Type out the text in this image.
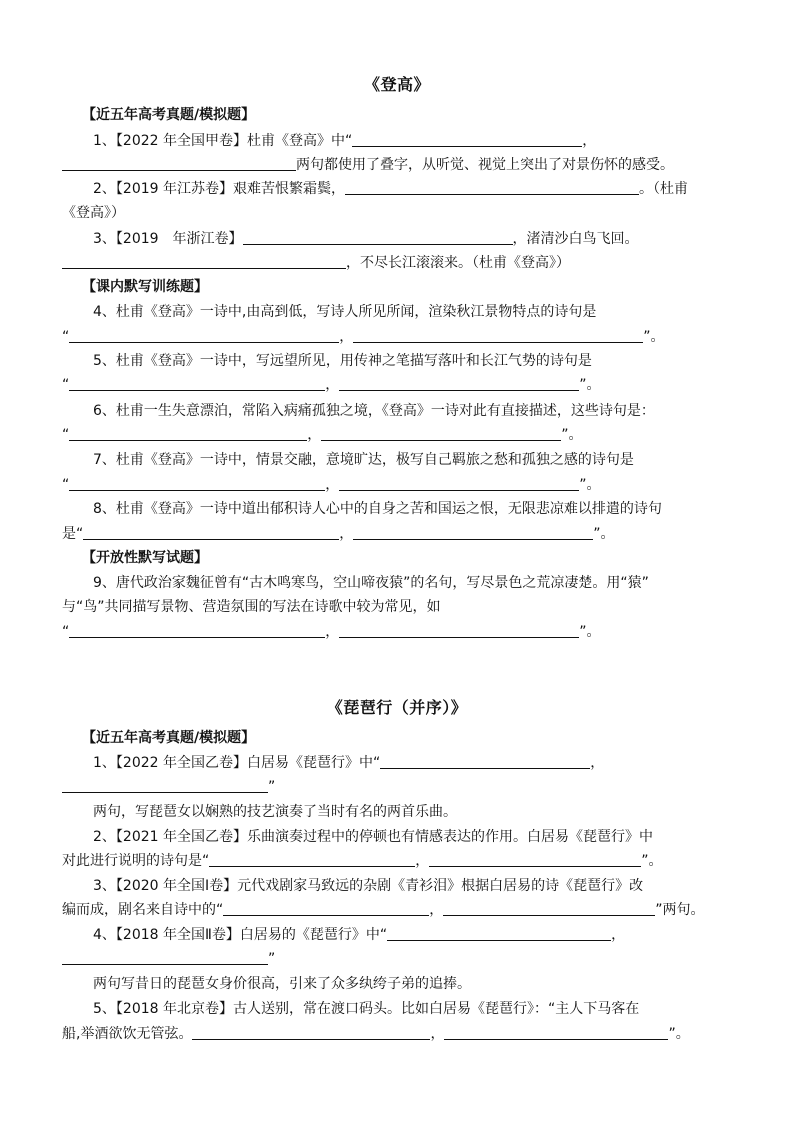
《登高》
【近五年高考真题/模拟题】
1、【2022 年全国甲卷】杜甫《登高》中“	，
两句都使用了叠字，从听觉、视觉上突出了对景伤怀的感受。
2、【2019 年江苏卷】艰难苦恨繁霜鬓，	。（杜甫
《登高》）
3、【2019　年浙江卷】	，渚清沙白鸟飞回。
，不尽长江滚滚来。（杜甫《登高》）
【课内默写训练题】
4、杜甫《登高》一诗中,由高到低，写诗人所见所闻，渲染秋江景物特点的诗句是
“	，	”。
5、杜甫《登高》一诗中，写远望所见，用传神之笔描写落叶和长江气势的诗句是
“	，	”。
6、杜甫一生失意漂泊，常陷入病痛孤独之境，《登高》一诗对此有直接描述，这些诗句是：
“	，	”。
7、杜甫《登高》一诗中，情景交融，意境旷达，极写自己羁旅之愁和孤独之感的诗句是
“	，	”。
8、杜甫《登高》一诗中道出郁积诗人心中的自身之苦和国运之恨，无限悲凉难以排遣的诗句
是“	，	”。
【开放性默写试题】
9、唐代政治家魏征曾有“古木鸣寒鸟，空山啼夜猿”的名句，写尽景色之荒凉凄楚。用“猿”
与“鸟”共同描写景物、营造氛围的写法在诗歌中较为常见，如
“	，	”。
《琵琶行（并序）》
【近五年高考真题/模拟题】
1、【2022 年全国乙卷】白居易《琵琶行》中“	，
”
两句，写琵琶女以娴熟的技艺演奏了当时有名的两首乐曲。
2、【2021 年全国乙卷】乐曲演奏过程中的停顿也有情感表达的作用。白居易《琵琶行》中
对此进行说明的诗句是“	，	”。
3、【2020 年全国Ⅰ卷】元代戏剧家马致远的杂剧《青衫泪》根据白居易的诗《琵琶行》改
编而成，剧名来自诗中的“	，	”两句。
4、【2018 年全国Ⅱ卷】白居易的《琵琶行》中“	，
”
两句写昔日的琵琶女身价很高，引来了众多纨绔子弟的追捧。
5、【2018 年北京卷】古人送别，常在渡口码头。比如白居易《琵琶行》：“主人下马客在
船,举酒欲饮无管弦。	，	”。
